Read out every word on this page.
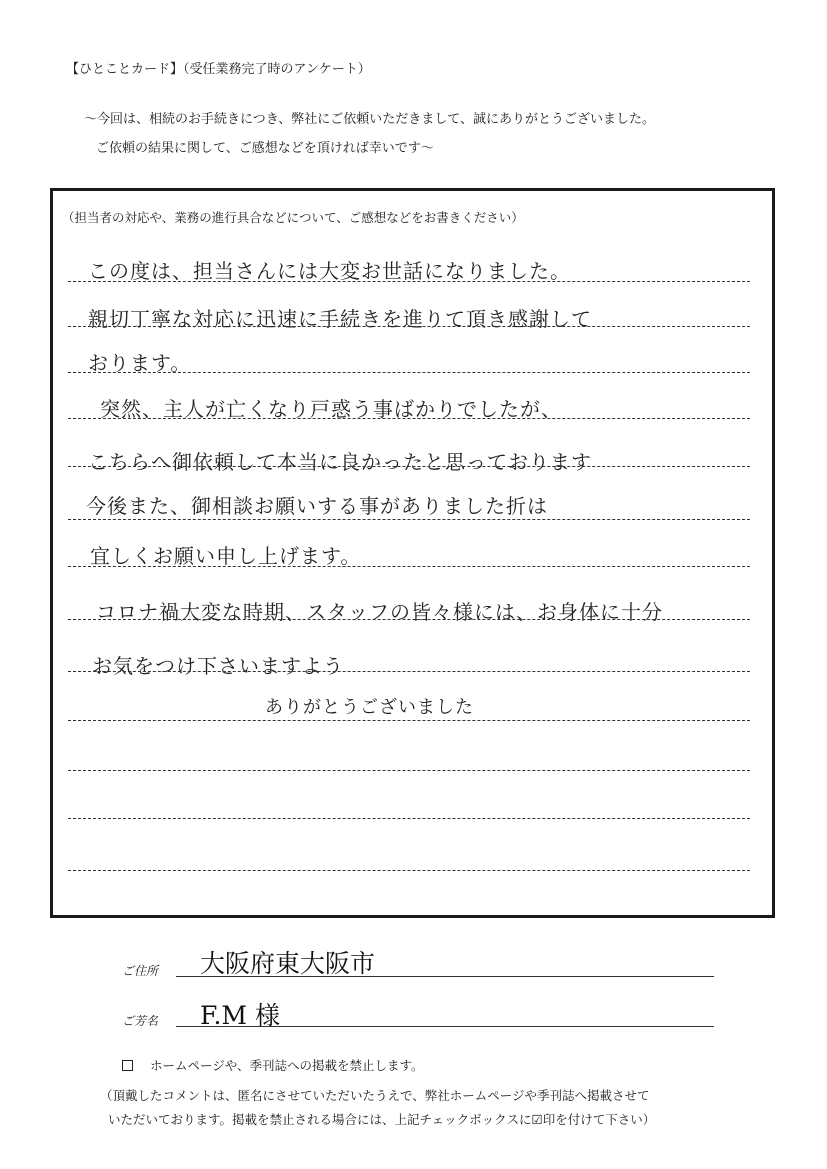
【ひとことカード】（受任業務完了時のアンケート）
～今回は、相続のお手続きにつき、弊社にご依頼いただきまして、誠にありがとうございました。
ご依頼の結果に関して、ご感想などを頂ければ幸いです～
（担当者の対応や、業務の進行具合などについて、ご感想などをお書きください）
この度は、担当さんには大変お世話になりました。
親切丁寧な対応に迅速に手続きを進りて頂き感謝して
おります。
突然、主人が亡くなり戸惑う事ばかりでしたが、
こちらへ御依頼して本当に良かったと思っております
今後また、御相談お願いする事がありました折は
宜しくお願い申し上げます。
コロナ禍大変な時期、スタッフの皆々様には、お身体に十分
お気をつけ下さいますよう
ありがとうございました
ご住所 大阪府東大阪市
ご芳名 F.M 様
ホームページや、季刊誌への掲載を禁止します。
（頂戴したコメントは、匿名にさせていただいたうえで、弊社ホームページや季刊誌へ掲載させて
いただいております。掲載を禁止される場合には、上記チェックボックスに☑印を付けて下さい）
